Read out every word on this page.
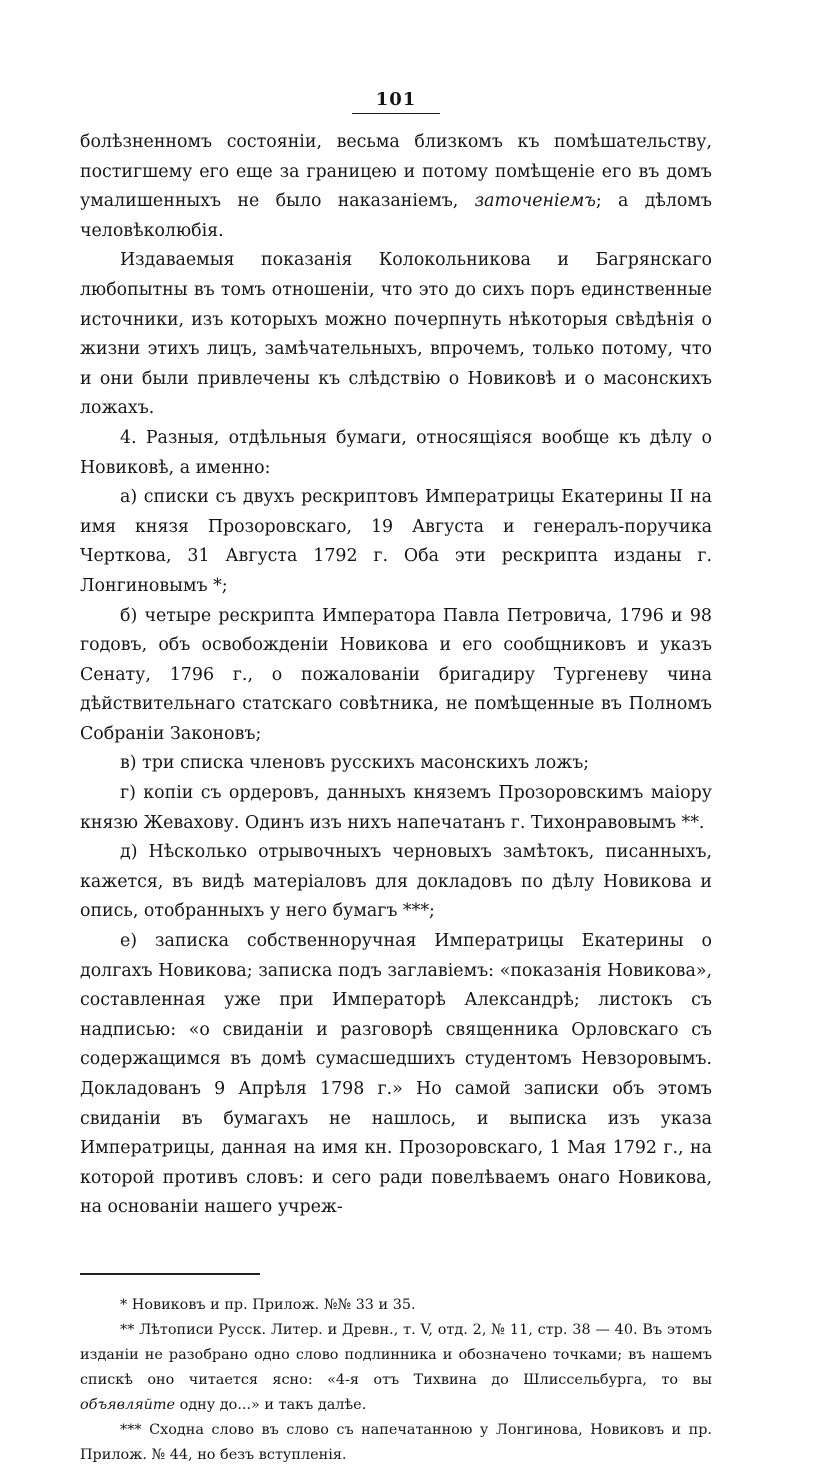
101

болѣзненномъ состояніи, весьма близкомъ къ помѣшательству, постигшему его еще за границею и потому помѣщеніе его въ домъ умалишенныхъ не было наказаніемъ, заточеніемъ; а дѣломъ человѣколюбія.

Издаваемыя показанія Колокольникова и Багрянскаго любопытны въ томъ отношеніи, что это до сихъ поръ единственные источники, изъ которыхъ можно почерпнуть нѣкоторыя свѣдѣнія о жизни этихъ лицъ, замѣчательныхъ, впрочемъ, только потому, что и они были привлечены къ слѣдствію о Новиковѣ и о масонскихъ ложахъ.

4. Разныя, отдѣльныя бумаги, относящіяся вообще къ дѣлу о Новиковѣ, а именно:

а) списки съ двухъ рескриптовъ Императрицы Екатерины II на имя князя Прозоровскаго, 19 Августа и генералъ-поручика Черткова, 31 Августа 1792 г. Оба эти рескрипта изданы г. Лонгиновымъ *;

б) четыре рескрипта Императора Павла Петровича, 1796 и 98 годовъ, объ освобожденіи Новикова и его сообщниковъ и указъ Сенату, 1796 г., о пожалованіи бригадиру Тургеневу чина дѣйствительнаго статскаго совѣтника, не помѣщенные въ Полномъ Собраніи Законовъ;

в) три списка членовъ русскихъ масонскихъ ложъ;

г) копіи съ ордеровъ, данныхъ княземъ Прозоровскимъ маіору князю Жевахову. Одинъ изъ нихъ напечатанъ г. Тихонравовымъ **.

д) Нѣсколько отрывочныхъ черновыхъ замѣтокъ, писанныхъ, кажется, въ видѣ матеріаловъ для докладовъ по дѣлу Новикова и опись, отобранныхъ у него бумагъ ***;

е) записка собственноручная Императрицы Екатерины о долгахъ Новикова; записка подъ заглавіемъ: «показанія Новикова», составленная уже при Императорѣ Александрѣ; листокъ съ надписью: «о свиданіи и разговорѣ священника Орловскаго съ содержащимся въ домѣ сумасшедшихъ студентомъ Невзоровымъ. Докладованъ 9 Апрѣля 1798 г.» Но самой записки объ этомъ свиданіи въ бумагахъ не нашлось, и выписка изъ указа Императрицы, данная на имя кн. Прозоровскаго, 1 Мая 1792 г., на которой противъ словъ: и сего ради повелѣваемъ онаго Новикова, на основаніи нашего учреж-

* Новиковъ и пр. Прилож. №№ 33 и 35.

** Лѣтописи Русск. Литер. и Древн., т. V, отд. 2, № 11, стр. 38 — 40. Въ этомъ изданіи не разобрано одно слово подлинника и обозначено точками; въ нашемъ спискѣ оно читается ясно: «4-я отъ Тихвина до Шлиссельбурга, то вы объявляйте одну до...» и такъ далѣе.

*** Сходна слово въ слово съ напечатанною у Лонгинова, Новиковъ и пр. Прилож. № 44, но безъ вступленія.
